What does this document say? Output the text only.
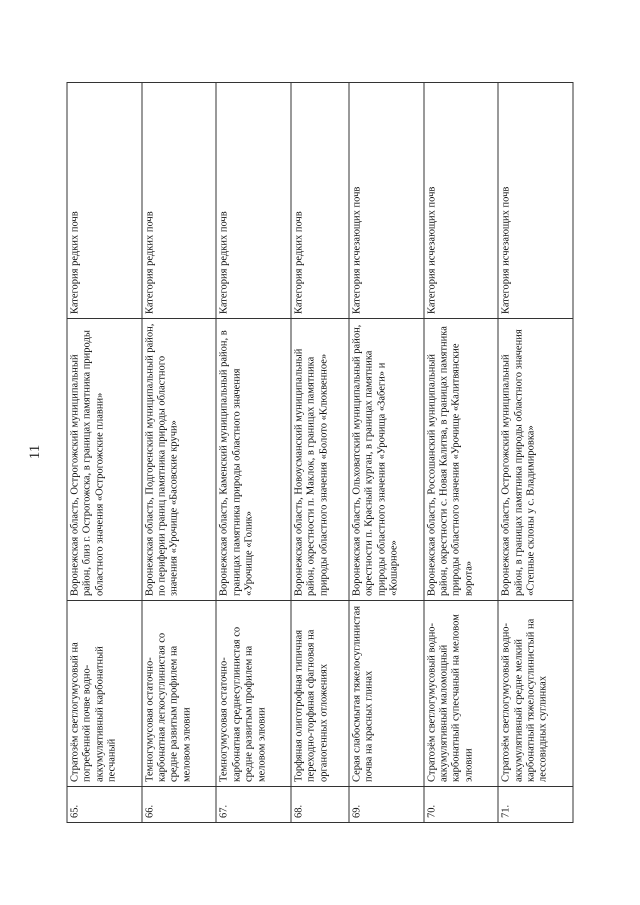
11
65.	Стратозём светлогумусовый на погребенной почве водно-аккумулятивный карбонатный песчаный	Воронежская область, Острогожский муниципальный район, близ г. Острогожска, в границах памятника природы областного значения «Острогожские плавни»	Категория редких почв
66.	Темногумусовая остаточно-карбонатная легкосуглинистая со средне развитым профилем на меловом элювии	Воронежская область, Подгоренский муниципальный район, по периферии границ памятника природы областного значения «Урочище «Басовские кручи»	Категория редких почв
67.	Темногумусовая остаточно-карбонатная среднесуглинистая со средне развитым профилем на меловом элювии	Воронежская область, Каменский муниципальный район, в границах памятника природы областного значения «Урочище «Голик»	Категория редких почв
68.	Торфяная олиготрофная типичная переходно-торфяная сфагновая на органогенных отложениях	Воронежская область, Новоусманский муниципальный район, окрестности п. Маклок, в границах памятника природы областного значения «Болото «Клюквенное»	Категория редких почв
69.	Серая слабосмытая тяжелосуглинистая почва на красных глинах	Воронежская область, Ольховатский муниципальный район, окрестности п. Красный курган, в границах памятника природы областного значения «Урочища «Забеги» и «Кошарное»	Категория исчезающих почв
70.	Стратозём светлогумусовый водно-аккумулятивный маломощный карбонатный супесчаный на меловом элювии	Воронежская область, Россошанский муниципальный район, окрестности с. Новая Калитва, в границах памятника природы областного значения «Урочище «Калитвянские ворота»	Категория исчезающих почв
71.	Стратозём светлогумусовый водно-аккумулятивный средне мелкий карбонатный тяжелосуглинистый на лессовидных суглинках	Воронежская область, Острогожский муниципальный район, в границах памятника природы областного значения «Степные склоны у с. Владимировка»	Категория исчезающих почв
